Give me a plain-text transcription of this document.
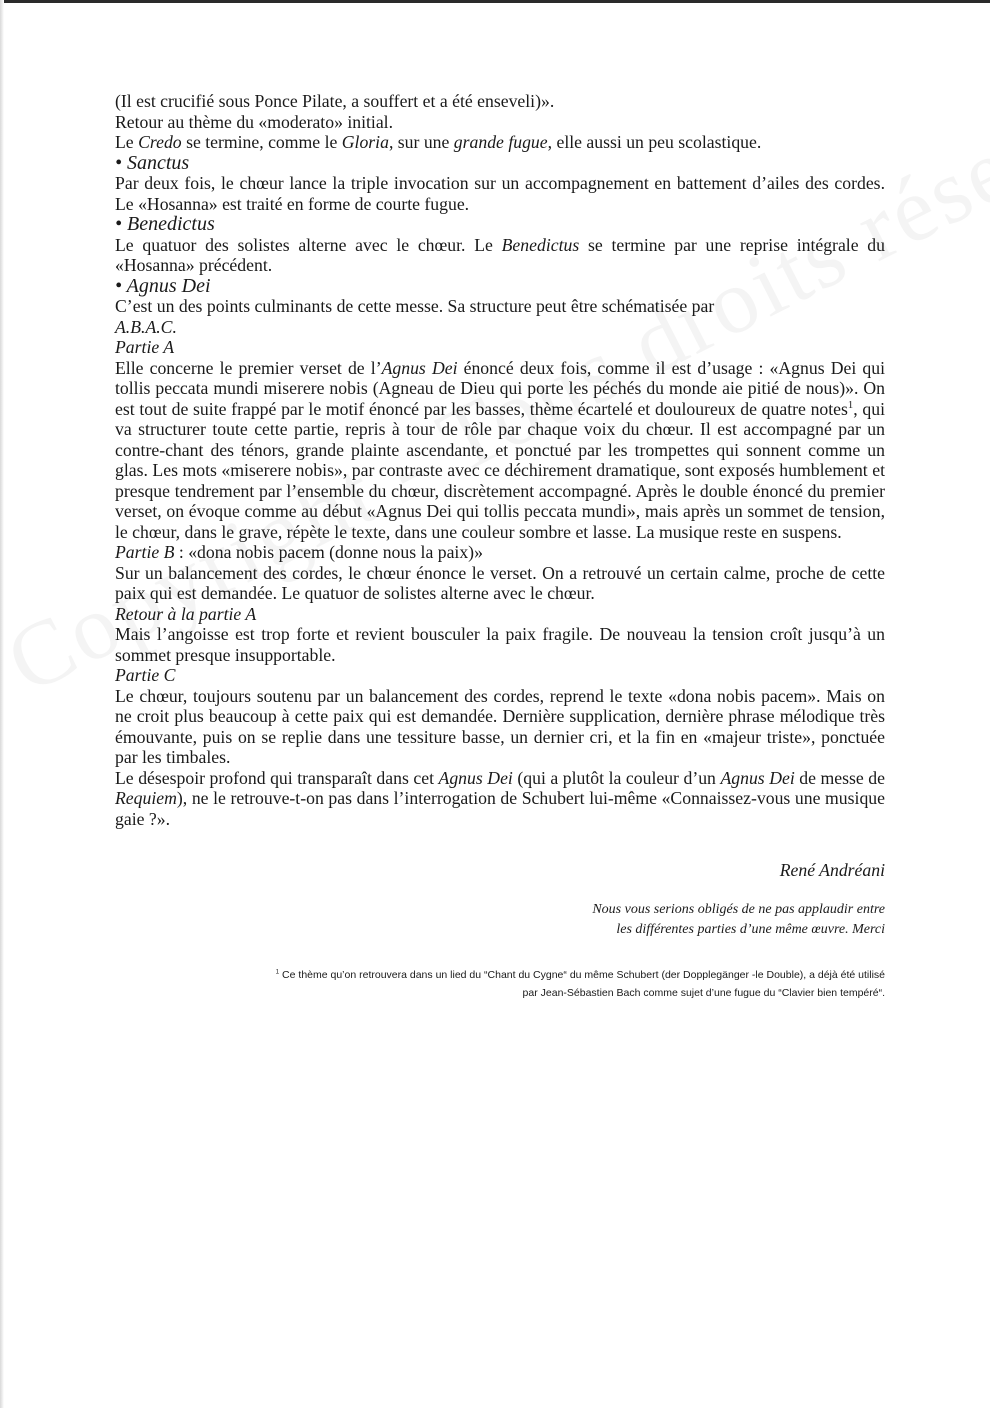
(Il est crucifié sous Ponce Pilate, a souffert et a été enseveli)».

Retour au thème du «moderato» initial.

Le Credo se termine, comme le Gloria, sur une grande fugue, elle aussi un peu scolastique.

• Sanctus

Par deux fois, le chœur lance la triple invocation sur un accompagnement en battement d’ailes des cordes. Le «Hosanna» est traité en forme de courte fugue.

• Benedictus

Le quatuor des solistes alterne avec le chœur. Le Benedictus se termine par une reprise intégrale du «Hosanna» précédent.

• Agnus Dei

C’est un des points culminants de cette messe. Sa structure peut être schématisée par

A.B.A.C.

Partie A

Elle concerne le premier verset de l’Agnus Dei énoncé deux fois, comme il est d’usage : «Agnus Dei qui tollis peccata mundi miserere nobis (Agneau de Dieu qui porte les péchés du monde aie pitié de nous)». On est tout de suite frappé par le motif énoncé par les basses, thème écartelé et douloureux de quatre notes$^1$, qui va structurer toute cette partie, repris à tour de rôle par chaque voix du chœur. Il est accompagné par un contre-chant des ténors, grande plainte ascendante, et ponctué par les trompettes qui sonnent comme un glas. Les mots «miserere nobis», par contraste avec ce déchirement dramatique, sont exposés humblement et presque tendrement par l’ensemble du chœur, discrètement accompagné. Après le double énoncé du premier verset, on évoque comme au début «Agnus Dei qui tollis peccata mundi», mais après un sommet de tension, le chœur, dans le grave, répète le texte, dans une couleur sombre et lasse. La musique reste en suspens.

Partie B : «dona nobis pacem (donne nous la paix)»

Sur un balancement des cordes, le chœur énonce le verset. On a retrouvé un certain calme, proche de cette paix qui est demandée. Le quatuor de solistes alterne avec le chœur.

Retour à la partie A

Mais l’angoisse est trop forte et revient bousculer la paix fragile. De nouveau la tension croît jusqu’à un sommet presque insupportable.

Partie C

Le chœur, toujours soutenu par un balancement des cordes, reprend le texte «dona nobis pacem». Mais on ne croit plus beaucoup à cette paix qui est demandée. Dernière supplication, dernière phrase mélodique très émouvante, puis on se replie dans une tessiture basse, un dernier cri, et la fin en «majeur triste», ponctuée par les timbales.

Le désespoir profond qui transparaît dans cet Agnus Dei (qui a plutôt la couleur d’un Agnus Dei de messe de Requiem), ne le retrouve-t-on pas dans l’interrogation de Schubert lui-même «Connaissez-vous une musique gaie ?».

René Andréani
Nous vous serions obligés de ne pas applaudir entre
les différentes parties d’une même œuvre. Merci
$^1$ Ce thème qu’on retrouvera dans un lied du “Chant du Cygne“ du même Schubert (der Dopplegänger -le Double), a déjà été utilisé par Jean-Sébastien Bach comme sujet d’une fugue du “Clavier bien tempéré“.
